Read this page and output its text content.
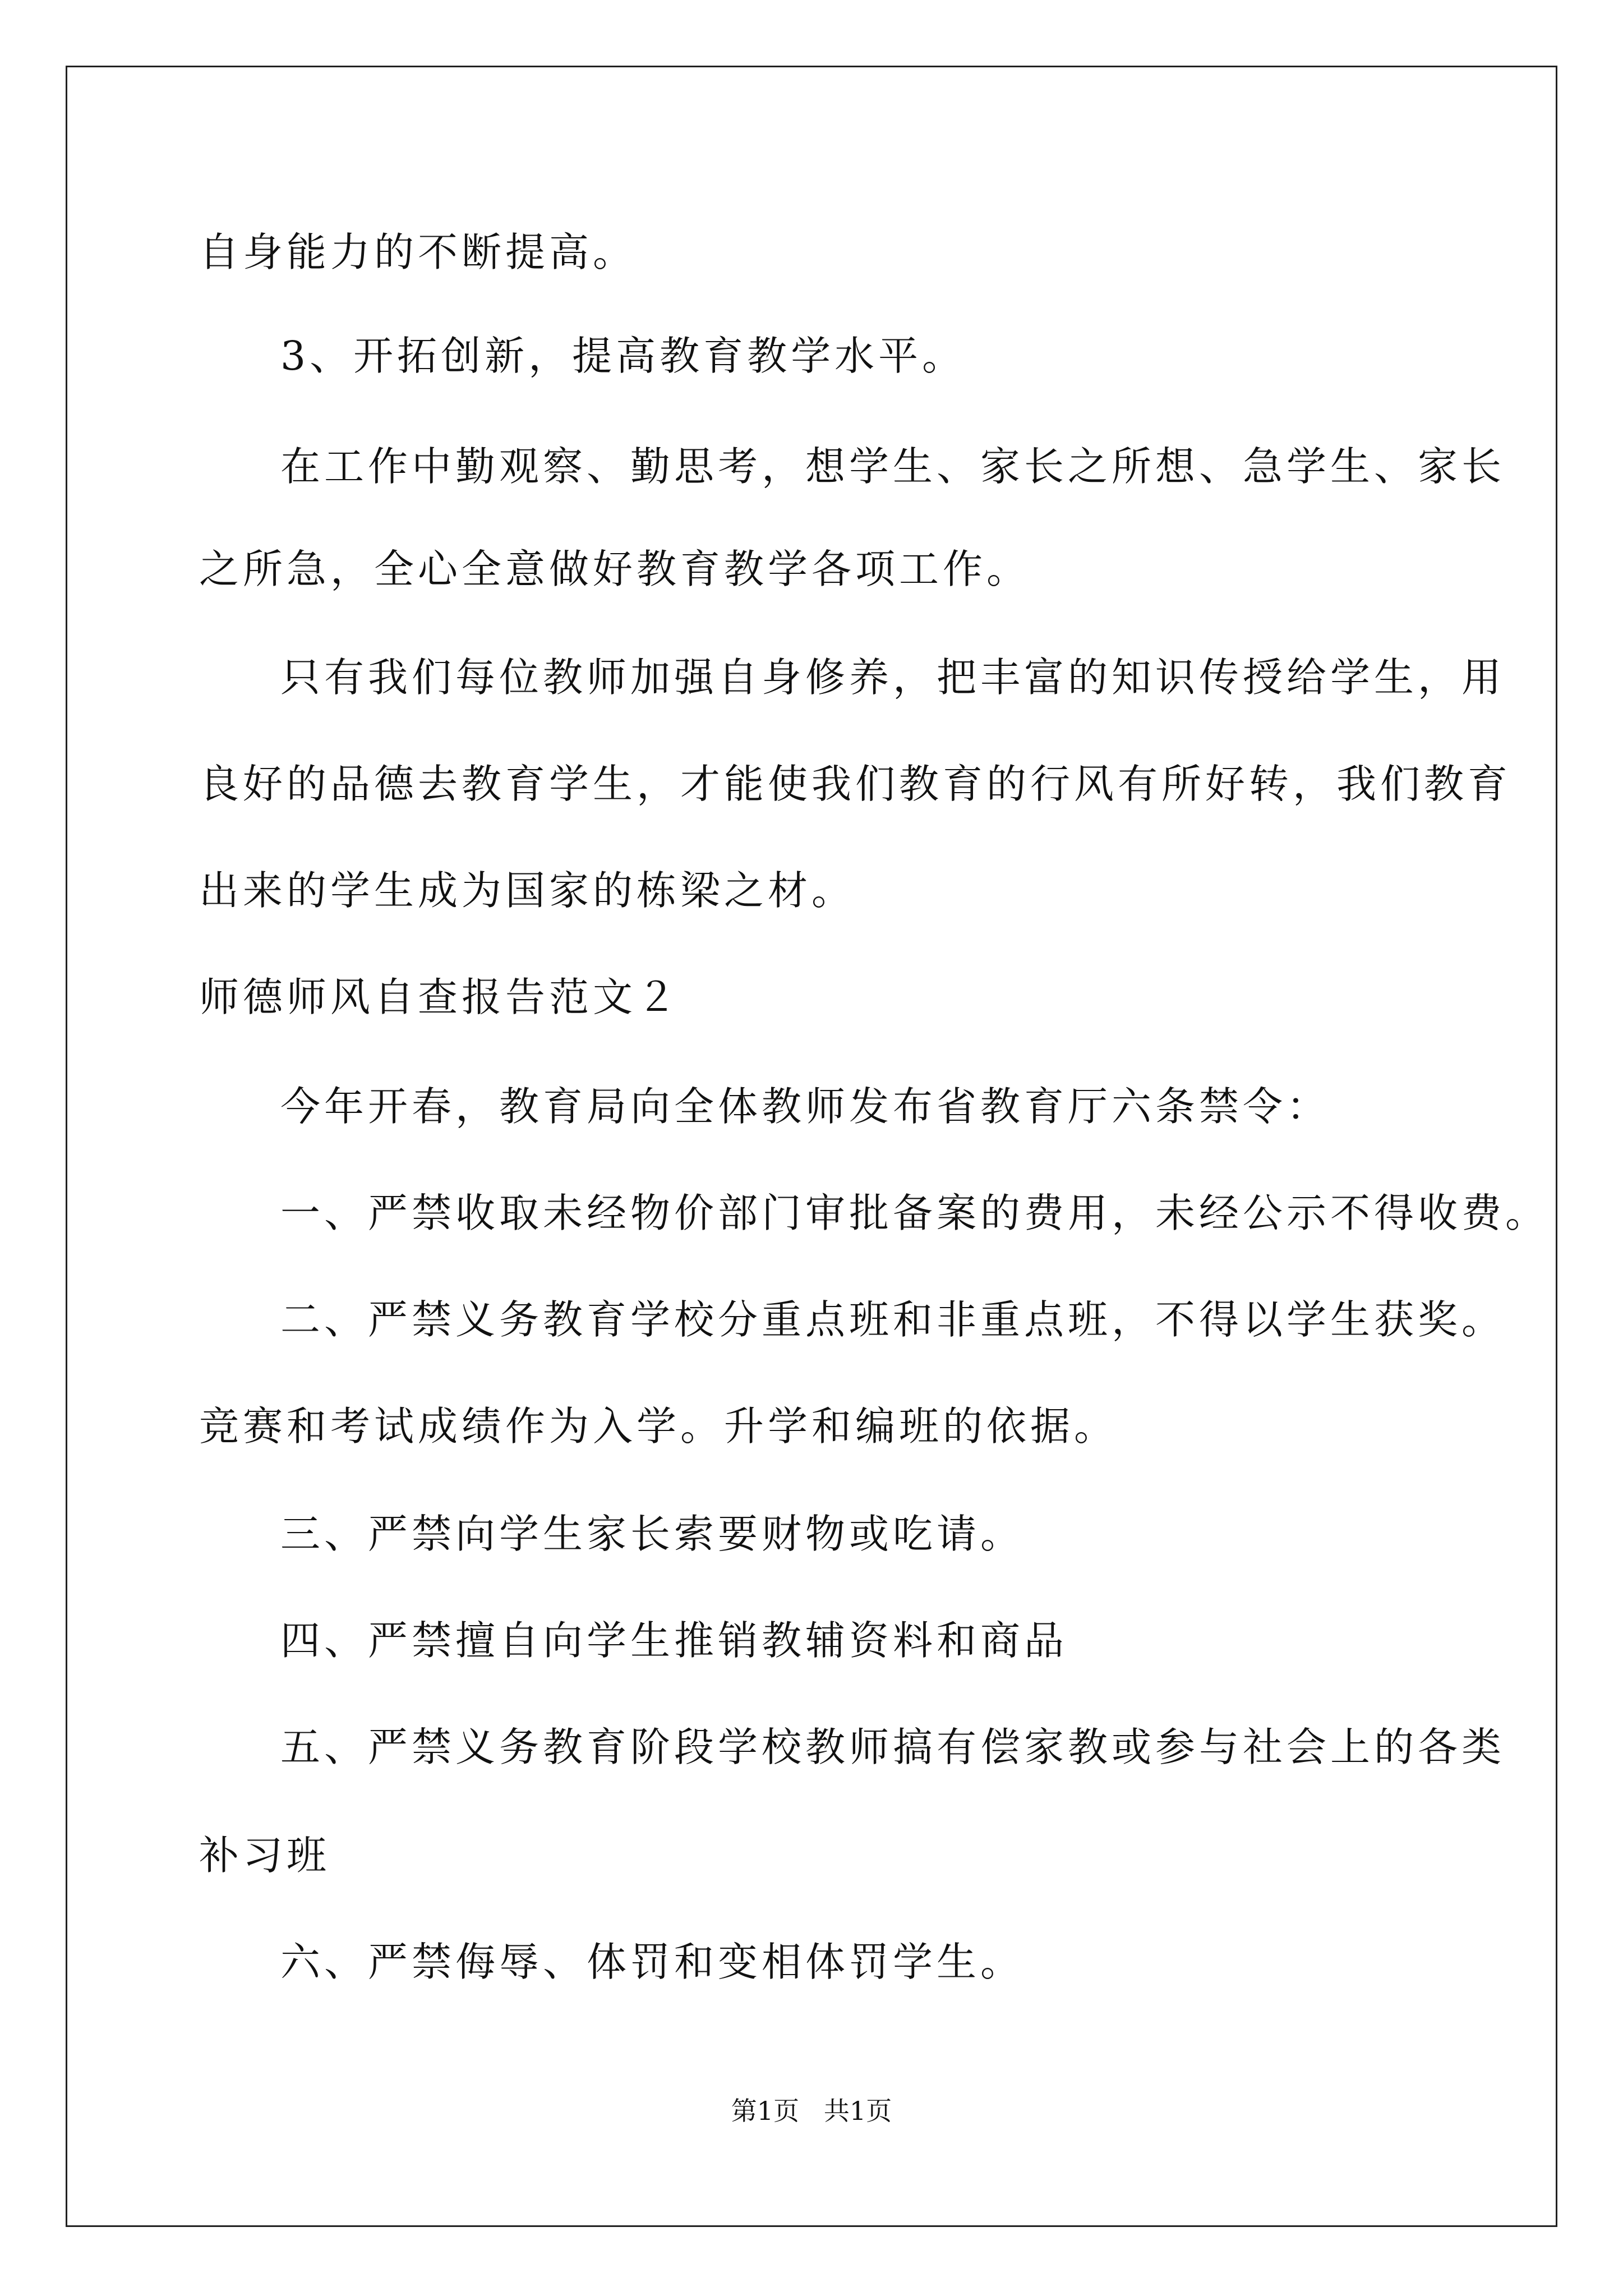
自身能力的不断提高。
3、开拓创新，提高教育教学水平。
在工作中勤观察、勤思考，想学生、家长之所想、急学生、家长
之所急，全心全意做好教育教学各项工作。
只有我们每位教师加强自身修养，把丰富的知识传授给学生，用
良好的品德去教育学生，才能使我们教育的行风有所好转，我们教育
出来的学生成为国家的栋梁之材。
师德师风自查报告范文２
今年开春，教育局向全体教师发布省教育厅六条禁令：
一、严禁收取未经物价部门审批备案的费用，未经公示不得收费。
二、严禁义务教育学校分重点班和非重点班，不得以学生获奖。
竞赛和考试成绩作为入学。升学和编班的依据。
三、严禁向学生家长索要财物或吃请。
四、严禁擅自向学生推销教辅资料和商品
五、严禁义务教育阶段学校教师搞有偿家教或参与社会上的各类
补习班
六、严禁侮辱、体罚和变相体罚学生。
第1页   共1页
